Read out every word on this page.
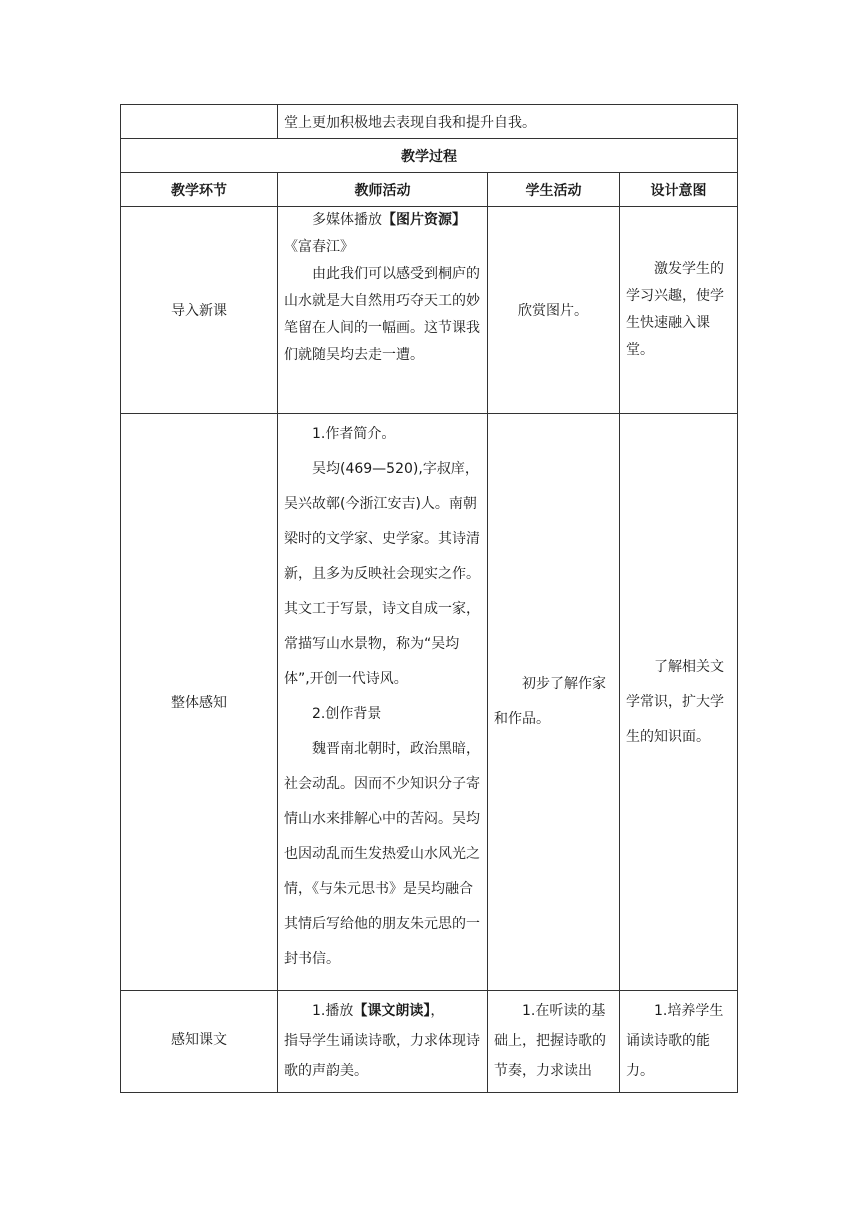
	堂上更加积极地去表现自我和提升自我。		
教学过程			
教学环节	教师活动	学生活动	设计意图
导入新课	多媒体播放【图片资源】《富春江》

由此我们可以感受到桐庐的山水就是大自然用巧夺天工的妙笔留在人间的一幅画。这节课我们就随吴均去走一遭。	欣赏图片。	激发学生的学习兴趣，使学生快速融入课堂。

整体感知	1.作者简介。

吴均(469—520),字叔庠，吴兴故鄣(今浙江安吉)人。南朝梁时的文学家、史学家。其诗清新，且多为反映社会现实之作。其文工于写景，诗文自成一家，常描写山水景物，称为“吴均体”,开创一代诗风。

2.创作背景

魏晋南北朝时，政治黑暗，社会动乱。因而不少知识分子寄情山水来排解心中的苦闷。吴均也因动乱而生发热爱山水风光之情，《与朱元思书》是吴均融合其情后写给他的朋友朱元思的一封书信。	初步了解作家和作品。	了解相关文学常识，扩大学生的知识面。

感知课文	1.播放【课文朗读】，

指导学生诵读诗歌，力求体现诗歌的声韵美。	1.在听读的基础上，把握诗歌的节奏，力求读出	1.培养学生诵读诗歌的能力。
